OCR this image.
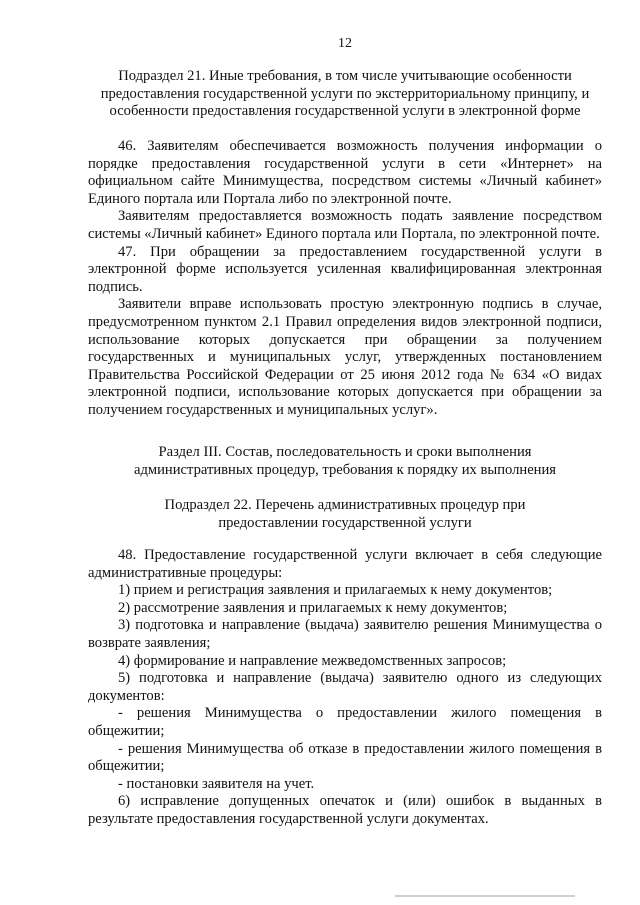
12
Подраздел 21. Иные требования, в том числе учитывающие особенности
предоставления государственной услуги по экстерриториальному принципу, и
особенности предоставления государственной услуги в электронной форме

46. Заявителям обеспечивается возможность получения информации о порядке предоставления государственной услуги в сети «Интернет» на официальном сайте Минимущества, посредством системы «Личный кабинет» Единого портала или Портала либо по электронной почте.

Заявителям предоставляется возможность подать заявление посредством системы «Личный кабинет» Единого портала или Портала, по электронной почте.

47. При обращении за предоставлением государственной услуги в электронной форме используется усиленная квалифицированная электронная подпись.

Заявители вправе использовать простую электронную подпись в случае, предусмотренном пунктом 2.1 Правил определения видов электронной подписи, использование которых допускается при обращении за получением государственных и муниципальных услуг, утвержденных постановлением Правительства Российской Федерации от 25 июня 2012 года № 634 «О видах электронной подписи, использование которых допускается при обращении за получением государственных и муниципальных услуг».

Раздел III. Состав, последовательность и сроки выполнения
административных процедур, требования к порядку их выполнения
Подраздел 22. Перечень административных процедур при
предоставлении государственной услуги

48. Предоставление государственной услуги включает в себя следующие административные процедуры:

1) прием и регистрация заявления и прилагаемых к нему документов;

2) рассмотрение заявления и прилагаемых к нему документов;

3) подготовка и направление (выдача) заявителю решения Минимущества о возврате заявления;

4) формирование и направление межведомственных запросов;

5) подготовка и направление (выдача) заявителю одного из следующих документов:

- решения Минимущества о предоставлении жилого помещения в общежитии;

- решения Минимущества об отказе в предоставлении жилого помещения в общежитии;

- постановки заявителя на учет.

6) исправление допущенных опечаток и (или) ошибок в выданных в результате предоставления государственной услуги документах.
